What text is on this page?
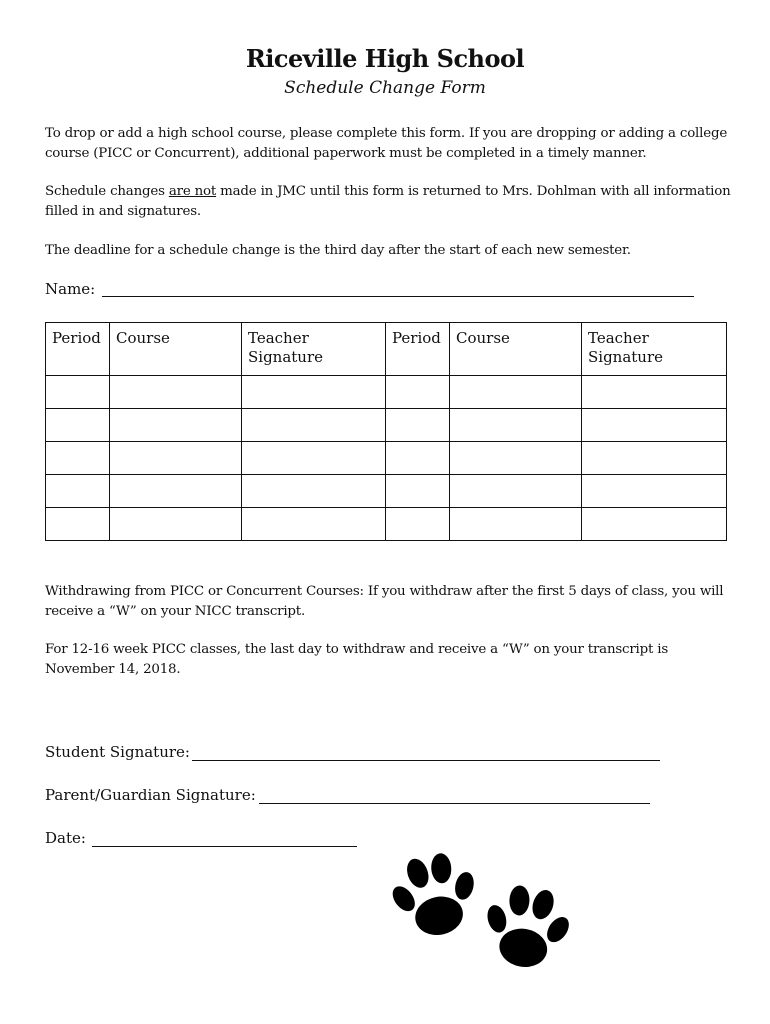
Riceville High School
Schedule Change Form
To drop or add a high school course, please complete this form. If you are dropping or adding a college course (PICC or Concurrent), additional paperwork must be completed in a timely manner.
Schedule changes are not made in JMC until this form is returned to Mrs. Dohlman with all information filled in and signatures.
The deadline for a schedule change is the third day after the start of each new semester.
Name:
Period	Course	Teacher Signature	Period	Course	Teacher Signature

Withdrawing from PICC or Concurrent Courses: If you withdraw after the first 5 days of class, you will receive a “W” on your NICC transcript.
For 12-16 week PICC classes, the last day to withdraw and receive a “W” on your transcript is November 14, 2018.
Student Signature:
Parent/Guardian Signature:
Date:
